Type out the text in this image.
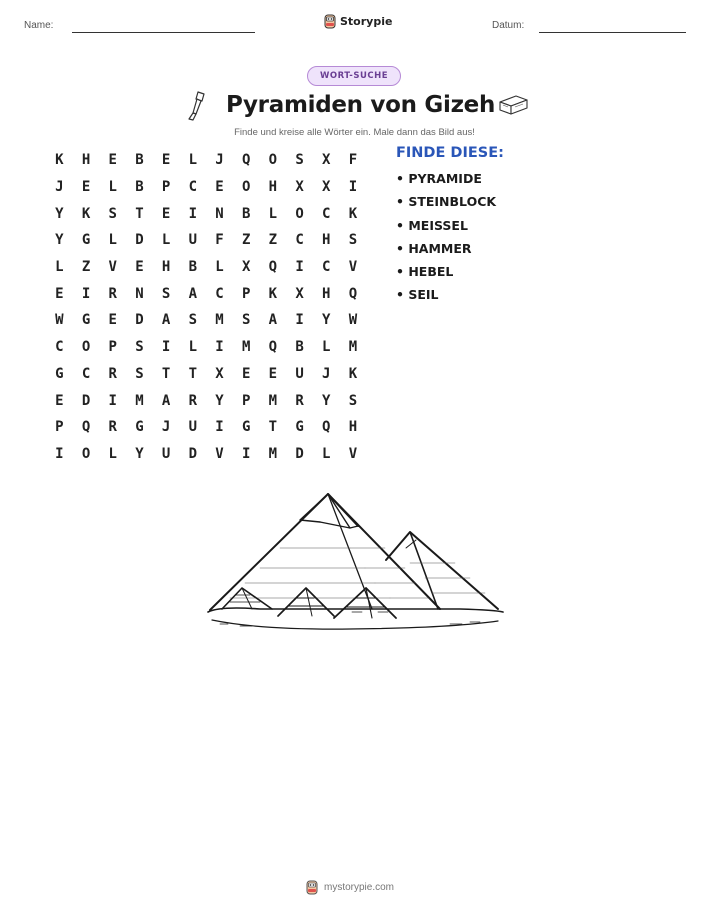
Name:	Storypie	Datum:
WORT-SUCHE
Pyramiden von Gizeh
Finde und kreise alle Wörter ein. Male dann das Bild aus!
K	H	E	B	E	L	J	Q	O	S	X	F
J	E	L	B	P	C	E	O	H	X	X	I
Y	K	S	T	E	I	N	B	L	O	C	K
Y	G	L	D	L	U	F	Z	Z	C	H	S
L	Z	V	E	H	B	L	X	Q	I	C	V
E	I	R	N	S	A	C	P	K	X	H	Q
W	G	E	D	A	S	M	S	A	I	Y	W
C	O	P	S	I	L	I	M	Q	B	L	M
G	C	R	S	T	T	X	E	E	U	J	K
E	D	I	M	A	R	Y	P	M	R	Y	S
P	Q	R	G	J	U	I	G	T	G	Q	H
I	O	L	Y	U	D	V	I	M	D	L	V
FINDE DIESE:
• PYRAMIDE
• STEINBLOCK
• MEISSEL
• HAMMER
• HEBEL
• SEIL
mystorypie.com
